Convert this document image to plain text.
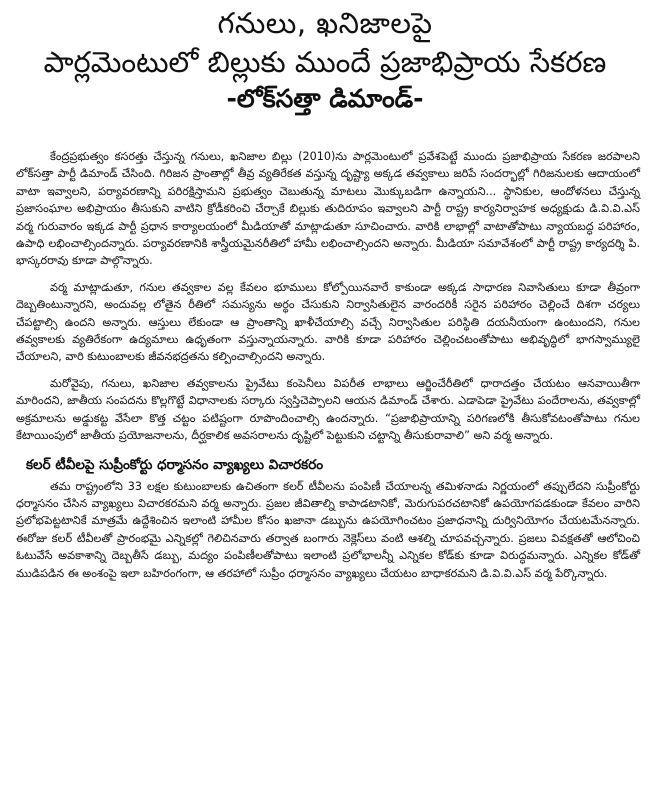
గనులు, ఖనిజాలపై
పార్లమెంటులో బిల్లుకు ముందే ప్రజాభిప్రాయ సేకరణ
-లోక్‌సత్తా డిమాండ్-

కేంద్రప్రభుత్వం కసరత్తు చేస్తున్న గనులు, ఖనిజాల బిల్లు (2010)ను పార్లమెంటులో ప్రవేశపెట్టే ముందు ప్రజాభిప్రాయ సేకరణ జరపాలని లోక్‌సత్తా పార్టీ డిమాండ్ చేసింది. గిరిజన ప్రాంతాల్లో తీవ్ర వ్యతిరేకత వస్తున్న దృష్ట్యా అక్కడ తవ్వకాలు జరిపే సందర్భాల్లో గిరిజనులకు ఆదాయంలో వాటా ఇవ్వాలని, పర్యావరణాన్ని పరిరక్షిస్తామని ప్రభుత్వం చెబుతున్న మాటలు మొక్కుబడిగా ఉన్నాయని... స్థానికుల, ఆందోళనలు చేస్తున్న ప్రజాసంఘాల అభిప్రాయం తీసుకుని వాటిని క్రోడీకరించి చేర్చాకే బిల్లుకు తుదిరూపం ఇవ్వాలని పార్టీ రాష్ట్ర కార్యనిర్వాహక అధ్యక్షుడు డి.వి.వి.ఎస్ వర్మ గురువారం ఇక్కడ పార్టీ ప్రధాన కార్యాలయంలో మీడియాతో మాట్లాడుతూ సూచించారు. వారికి లాభాల్లో వాటాతోపాటు న్యాయబద్ధ పరిహారం, ఉపాధి లభించాల్సిందన్నారు. పర్యావరణానికి శాస్త్రీయమైనరీతిలో హామీ లభించాల్సిందని అన్నారు. మీడియా సమావేశంలో పార్టీ రాష్ట్ర కార్యదర్శి పి. భాస్కరరావు కూడా పాల్గొన్నారు.

వర్మ మాట్లాడుతూ, గనుల తవ్వకాల వల్ల కేవలం భూములు కోల్పోయినవారే కాకుండా అక్కడ సాధారణ నివాసితులు కూడా తీవ్రంగా దెబ్బతింటున్నారని, అందువల్ల లోతైన రీతిలో సమస్యను అర్థం చేసుకుని నిర్వాసితులైన వారందరికీ సరైన పరిహారం చెల్లించే దిశగా చర్యలు చేపట్టాల్సి ఉందని అన్నారు. ఆస్తులు లేకుండా ఆ ప్రాంతాన్ని ఖాళీచేయాల్సి వచ్చే నిర్వాసితుల పరిస్థితి దయనీయంగా ఉంటుందని, గనుల తవ్వకాలకు వ్యతిరేకంగా ఉద్యమాలు ఉధృతంగా వస్తున్నాయన్నారు. వారికి కూడా పరిహారం చెల్లించటంతోపాటు అభివృద్ధిలో భాగస్వామ్యులై చేయాలని, వారి కుటుంబాలకు జీవనభద్రతను కల్పించాల్సిందని అన్నారు.

మరోవైపు, గనులు, ఖనిజాల తవ్వకాలను ప్రైవేటు కంపెనీలు విపరీత లాభాలు ఆర్జించేరీతిలో ధారాదత్తం చేయటం ఆనవాయితీగా మారిందని, జాతీయ సంపదను కొల్లగొట్టే విధానాలకు సర్కారు స్వస్తిచెప్పాలని ఆయన డిమాండ్ చేశారు. ఎడాపెడా ప్రైవేటు పందేరాలను, తవ్వకాల్లో అక్రమాలను అడ్డుకట్ట వేసేలా కొత్త చట్టం పటిష్టంగా రూపొందించాల్సి ఉందన్నారు. “ప్రజాభిప్రాయాన్ని పరిగణలోకి తీసుకోవటంతోపాటు గనుల కేటాయింపులో జాతీయ ప్రయోజనాలను, దీర్ఘకాలిక అవసరాలను దృష్టిలో పెట్టుకుని చట్టాన్ని తీసుకురావాలి” అని వర్మ అన్నారు.

కలర్ టీవీలపై సుప్రీంకోర్టు ధర్మాసనం వ్యాఖ్యలు విచారకరం

తమ రాష్ట్రంలోని 33 లక్షల కుటుంబాలకు ఉచితంగా కలర్ టీవీలను పంపిణీ చేయాలన్న తమిళనాడు నిర్ణయంలో తప్పులేదని సుప్రీంకోర్టు ధర్మాసనం చేసిన వ్యాఖ్యలు విచారకరమని వర్మ అన్నారు. ప్రజల జీవితాల్ని కాపాడటానికో, మెరుగుపరచటానికో ఉపయోగపడకుండా కేవలం వారిని ప్రలోభపెట్టటానికే మాత్రమే ఉద్దేశించిన ఇలాంటి హామీల కోసం ఖజానా డబ్బును ఉపయోగించటం ప్రజాధనాన్ని దుర్వినియోగం చేయటమేనన్నారు. ఈరోజు కలర్ టీవీలతో ప్రారంభమై ఎన్నికల్లో గెలిచినవారు తర్వాత బంగారు నెక్లెస్‌లు వంటి ఆశల్ని చూపవచ్చన్నారు. ప్రజలు వివక్షతతో ఆలోచించి ఓటువేసే అవకాశాన్ని దెబ్బతీసే డబ్బు, మద్యం పంపిణీలతోపాటు ఇలాంటి ప్రలోభాలన్నీ ఎన్నికల కోడ్‌కు కూడా విరుద్ధమన్నారు. ఎన్నికల కోడ్‌తో ముడిపడిన ఈ అంశంపై ఇలా బహిరంగంగా, ఆ తరహాలో సుప్రీం ధర్మాసనం వ్యాఖ్యలు చేయటం బాధాకరమని డి.వి.వి.ఎస్ వర్మ పేర్కొన్నారు.
